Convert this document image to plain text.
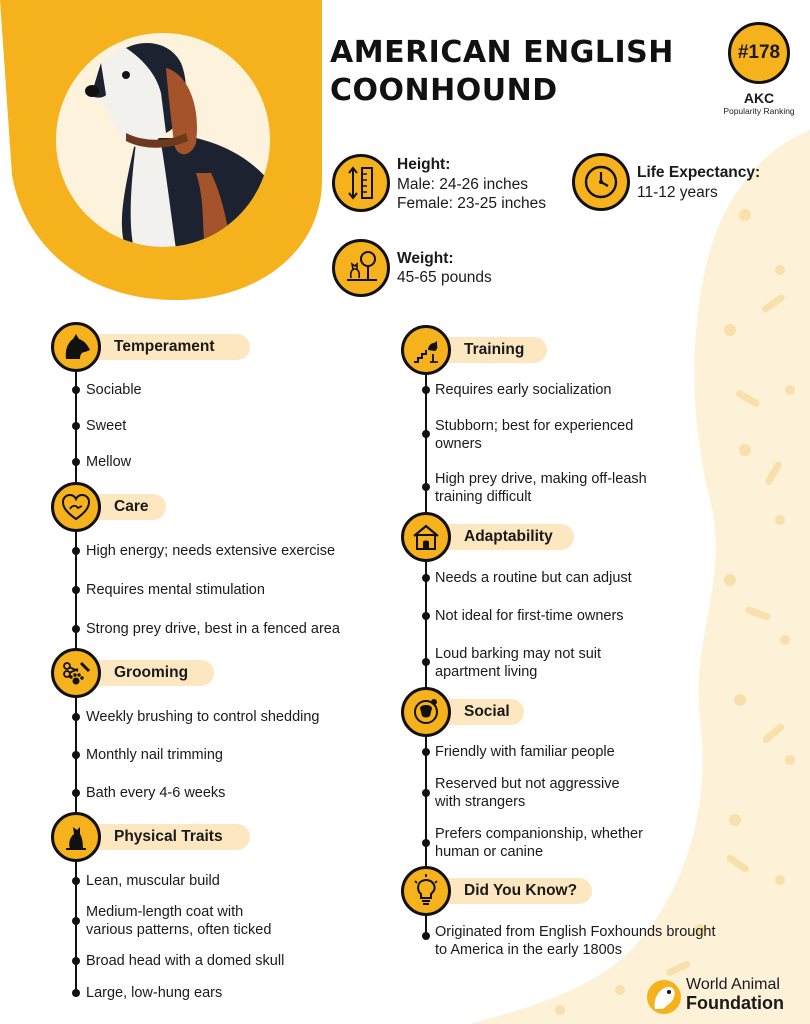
AMERICAN ENGLISH
COONHOUND
#178
AKC
Popularity Ranking
Height:
Male: 24-26 inches
Female: 23-25 inches
Life Expectancy:
11-12 years
Weight:
45-65 pounds
Temperament
Sociable
Sweet
Mellow
Care
High energy; needs extensive exercise
Requires mental stimulation
Strong prey drive, best in a fenced area
Grooming
Weekly brushing to control shedding
Monthly nail trimming
Bath every 4-6 weeks
Physical Traits
Lean, muscular build
Medium-length coat with
various patterns, often ticked
Broad head with a domed skull
Large, low-hung ears
Training
Requires early socialization
Stubborn; best for experienced
owners
High prey drive, making off-leash
training difficult
Adaptability
Needs a routine but can adjust
Not ideal for first-time owners
Loud barking may not suit
apartment living
Social
Friendly with familiar people
Reserved but not aggressive
with strangers
Prefers companionship, whether
human or canine
Did You Know?
Originated from English Foxhounds brought
to America in the early 1800s
World Animal
Foundation
